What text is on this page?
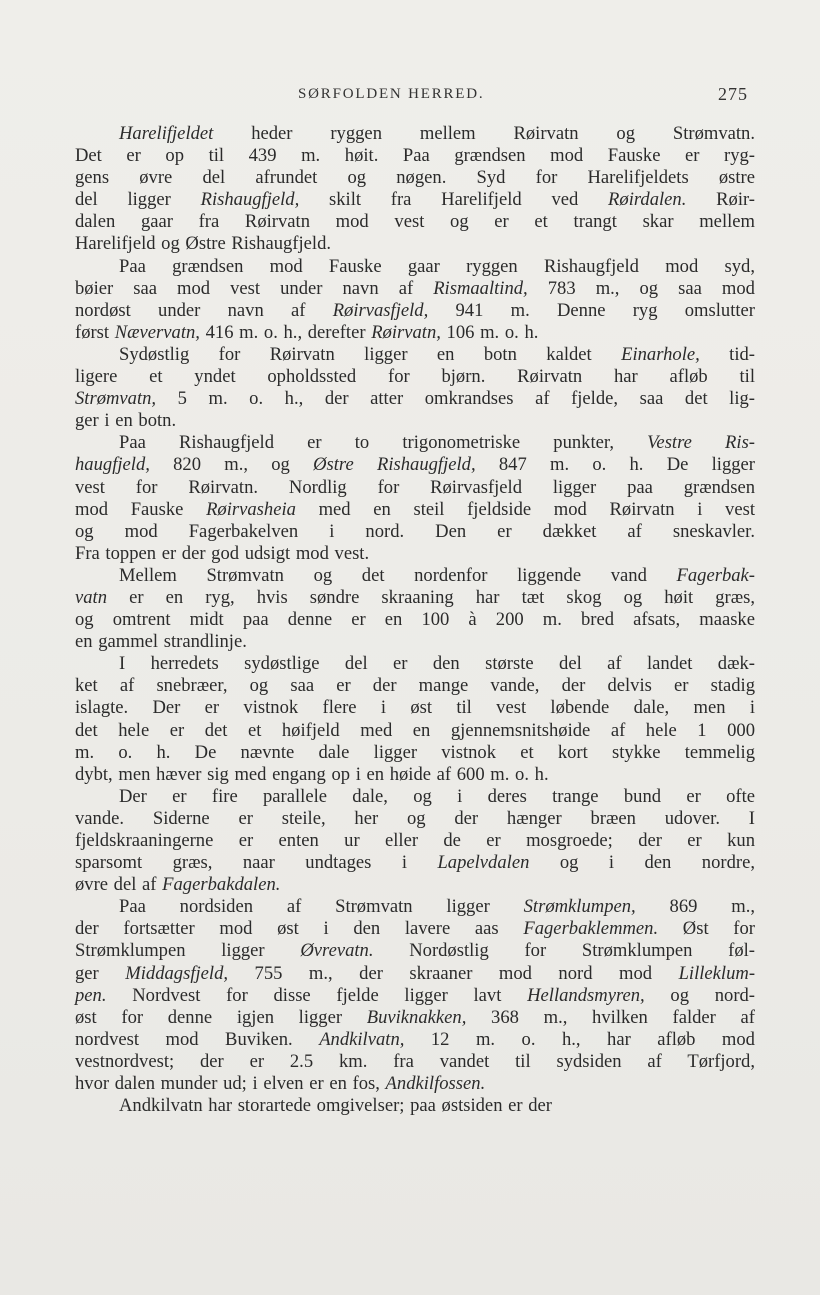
SØRFOLDEN HERRED.	275
Harelifjeldet heder ryggen mellem Røirvatn og Strømvatn.
Det er op til 439 m. høit. Paa grændsen mod Fauske er ryg-
gens øvre del afrundet og nøgen. Syd for Harelifjeldets østre
del ligger Rishaugfjeld, skilt fra Harelifjeld ved Røirdalen. Røir-
dalen gaar fra Røirvatn mod vest og er et trangt skar mellem
Harelifjeld og Østre Rishaugfjeld.
Paa grændsen mod Fauske gaar ryggen Rishaugfjeld mod syd,
bøier saa mod vest under navn af Rismaaltind, 783 m., og saa mod
nordøst under navn af Røirvasfjeld, 941 m. Denne ryg omslutter
først Nævervatn, 416 m. o. h., derefter Røirvatn, 106 m. o. h.
Sydøstlig for Røirvatn ligger en botn kaldet Einarhole, tid-
ligere et yndet opholdssted for bjørn. Røirvatn har afløb til
Strømvatn, 5 m. o. h., der atter omkrandses af fjelde, saa det lig-
ger i en botn.
Paa Rishaugfjeld er to trigonometriske punkter, Vestre Ris-
haugfjeld, 820 m., og Østre Rishaugfjeld, 847 m. o. h. De ligger
vest for Røirvatn. Nordlig for Røirvasfjeld ligger paa grændsen
mod Fauske Røirvasheia med en steil fjeldside mod Røirvatn i vest
og mod Fagerbakelven i nord. Den er dækket af sneskavler.
Fra toppen er der god udsigt mod vest.
Mellem Strømvatn og det nordenfor liggende vand Fagerbak-
vatn er en ryg, hvis søndre skraaning har tæt skog og høit græs,
og omtrent midt paa denne er en 100 à 200 m. bred afsats, maaske
en gammel strandlinje.
I herredets sydøstlige del er den største del af landet dæk-
ket af snebræer, og saa er der mange vande, der delvis er stadig
islagte. Der er vistnok flere i øst til vest løbende dale, men i
det hele er det et høifjeld med en gjennemsnitshøide af hele 1 000
m. o. h. De nævnte dale ligger vistnok et kort stykke temmelig
dybt, men hæver sig med engang op i en høide af 600 m. o. h.
Der er fire parallele dale, og i deres trange bund er ofte
vande. Siderne er steile, her og der hænger bræen udover. I
fjeldskraaningerne er enten ur eller de er mosgroede; der er kun
sparsomt græs, naar undtages i Lapelvdalen og i den nordre,
øvre del af Fagerbakdalen.
Paa nordsiden af Strømvatn ligger Strømklumpen, 869 m.,
der fortsætter mod øst i den lavere aas Fagerbaklemmen. Øst for
Strømklumpen ligger Øvrevatn. Nordøstlig for Strømklumpen føl-
ger Middagsfjeld, 755 m., der skraaner mod nord mod Lilleklum-
pen. Nordvest for disse fjelde ligger lavt Hellandsmyren, og nord-
øst for denne igjen ligger Buviknakken, 368 m., hvilken falder af
nordvest mod Buviken. Andkilvatn, 12 m. o. h., har afløb mod
vestnordvest; der er 2.5 km. fra vandet til sydsiden af Tørfjord,
hvor dalen munder ud; i elven er en fos, Andkilfossen.
Andkilvatn har storartede omgivelser; paa østsiden er der
